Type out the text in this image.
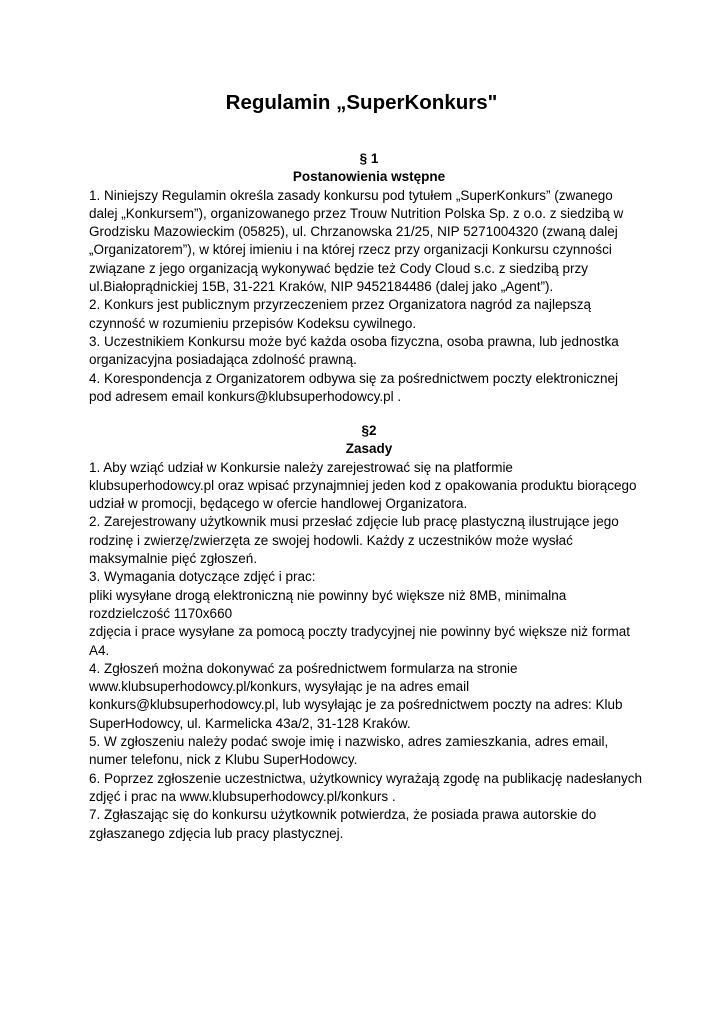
Regulamin „SuperKonkurs"

§ 1

Postanowienia wstępne

1. Niniejszy Regulamin określa zasady konkursu pod tytułem „SuperKonkurs” (zwanego

dalej „Konkursem”), organizowanego przez Trouw Nutrition Polska Sp. z o.o. z siedzibą w

Grodzisku Mazowieckim (05825), ul. Chrzanowska 21/25, NIP 5271004320 (zwaną dalej

„Organizatorem”), w której imieniu i na której rzecz przy organizacji Konkursu czynności

związane z jego organizacją wykonywać będzie też Cody Cloud s.c. z siedzibą przy

ul.Białoprądnickiej 15B, 31-221 Kraków, NIP 9452184486 (dalej jako „Agent”).

2. Konkurs jest publicznym przyrzeczeniem przez Organizatora nagród za najlepszą

czynność w rozumieniu przepisów Kodeksu cywilnego.

3. Uczestnikiem Konkursu może być każda osoba fizyczna, osoba prawna, lub jednostka

organizacyjna posiadająca zdolność prawną.

4. Korespondencja z Organizatorem odbywa się za pośrednictwem poczty elektronicznej

pod adresem email konkurs@klubsuperhodowcy.pl .

§2

Zasady

1. Aby wziąć udział w Konkursie należy zarejestrować się na platformie

klubsuperhodowcy.pl oraz wpisać przynajmniej jeden kod z opakowania produktu biorącego

udział w promocji, będącego w ofercie handlowej Organizatora.

2. Zarejestrowany użytkownik musi przesłać zdjęcie lub pracę plastyczną ilustrujące jego

rodzinę i zwierzę/zwierzęta ze swojej hodowli. Każdy z uczestników może wysłać

maksymalnie pięć zgłoszeń.

3. Wymagania dotyczące zdjęć i prac:

pliki wysyłane drogą elektroniczną nie powinny być większe niż 8MB, minimalna

rozdzielczość 1170x660

zdjęcia i prace wysyłane za pomocą poczty tradycyjnej nie powinny być większe niż format

A4.

4. Zgłoszeń można dokonywać za pośrednictwem formularza na stronie

www.klubsuperhodowcy.pl/konkurs, wysyłając je na adres email

konkurs@klubsuperhodowcy.pl, lub wysyłając je za pośrednictwem poczty na adres: Klub

SuperHodowcy, ul. Karmelicka 43a/2, 31-128 Kraków.

5. W zgłoszeniu należy podać swoje imię i nazwisko, adres zamieszkania, adres email,

numer telefonu, nick z Klubu SuperHodowcy.

6. Poprzez zgłoszenie uczestnictwa, użytkownicy wyrażają zgodę na publikację nadesłanych

zdjęć i prac na www.klubsuperhodowcy.pl/konkurs .

7. Zgłaszając się do konkursu użytkownik potwierdza, że posiada prawa autorskie do

zgłaszanego zdjęcia lub pracy plastycznej.
